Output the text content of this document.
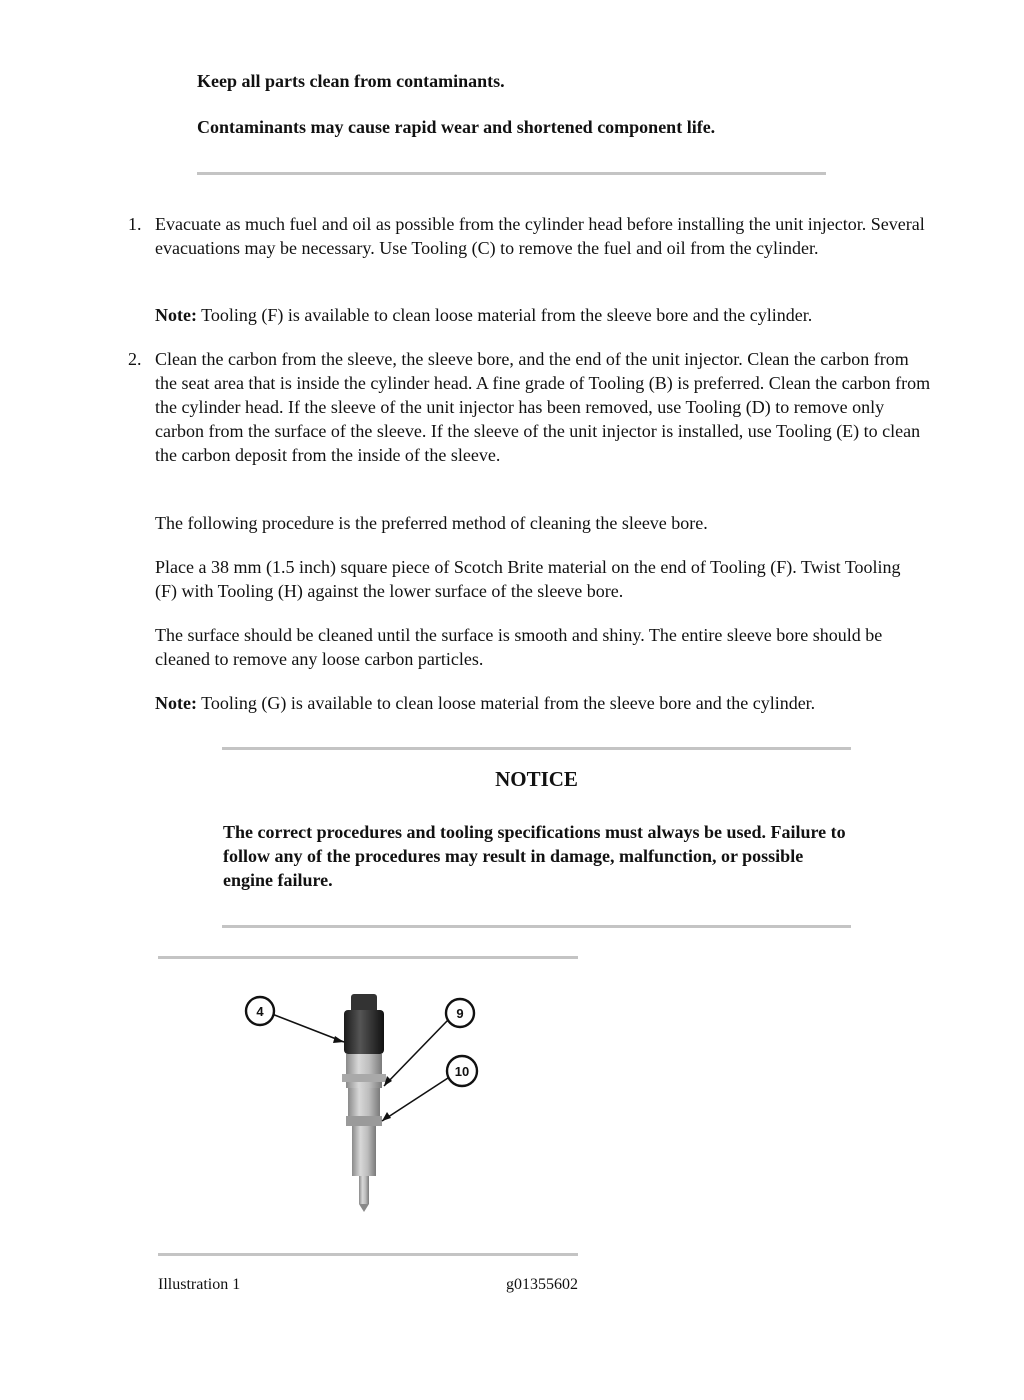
Keep all parts clean from contaminants.
Contaminants may cause rapid wear and shortened component life.
1. Evacuate as much fuel and oil as possible from the cylinder head before installing the unit injector. Several evacuations may be necessary. Use Tooling (C) to remove the fuel and oil from the cylinder.
Note: Tooling (F) is available to clean loose material from the sleeve bore and the cylinder.
2. Clean the carbon from the sleeve, the sleeve bore, and the end of the unit injector. Clean the carbon from the seat area that is inside the cylinder head. A fine grade of Tooling (B) is preferred. Clean the carbon from the cylinder head. If the sleeve of the unit injector has been removed, use Tooling (D) to remove only carbon from the surface of the sleeve. If the sleeve of the unit injector is installed, use Tooling (E) to clean the carbon deposit from the inside of the sleeve.
The following procedure is the preferred method of cleaning the sleeve bore.
Place a 38 mm (1.5 inch) square piece of Scotch Brite material on the end of Tooling (F). Twist Tooling (F) with Tooling (H) against the lower surface of the sleeve bore.
The surface should be cleaned until the surface is smooth and shiny. The entire sleeve bore should be cleaned to remove any loose carbon particles.
Note: Tooling (G) is available to clean loose material from the sleeve bore and the cylinder.
NOTICE
The correct procedures and tooling specifications must always be used. Failure to follow any of the procedures may result in damage, malfunction, or possible engine failure.
4	9
10
Illustration 1	g01355602
